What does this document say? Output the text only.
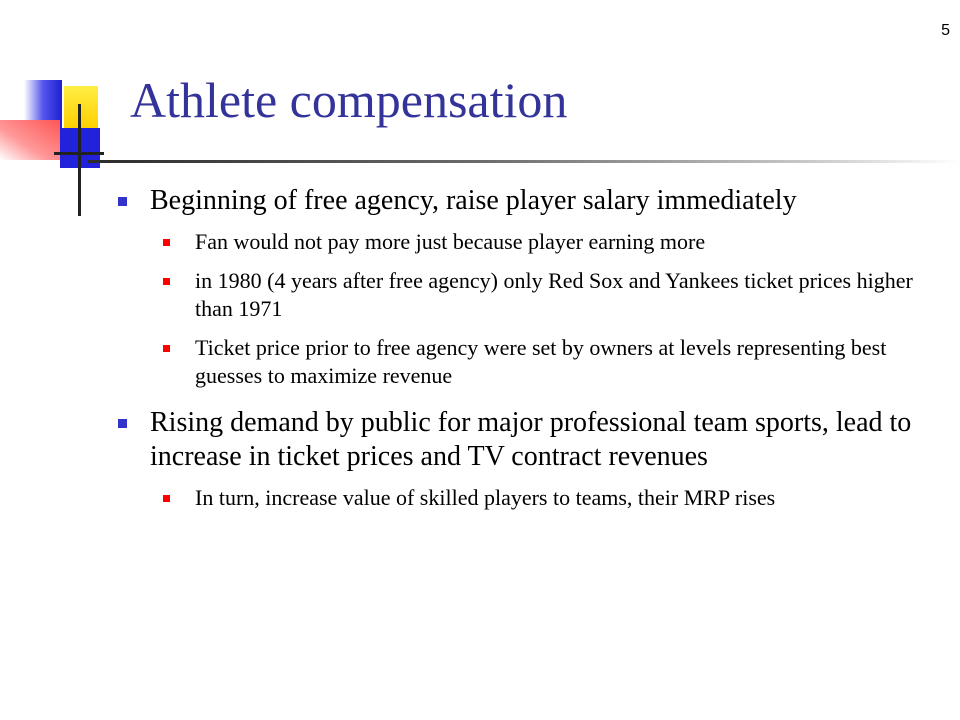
5
Athlete compensation

Beginning of free agency, raise player salary immediately

Fan would not pay more just because player earning more

in 1980 (4 years after free agency) only Red Sox and Yankees ticket prices higher than 1971

Ticket price prior to free agency were set by owners at levels representing best guesses to maximize revenue

Rising demand by public for major professional team sports, lead to increase in ticket prices and TV contract revenues

In turn, increase value of skilled players to teams, their MRP rises
